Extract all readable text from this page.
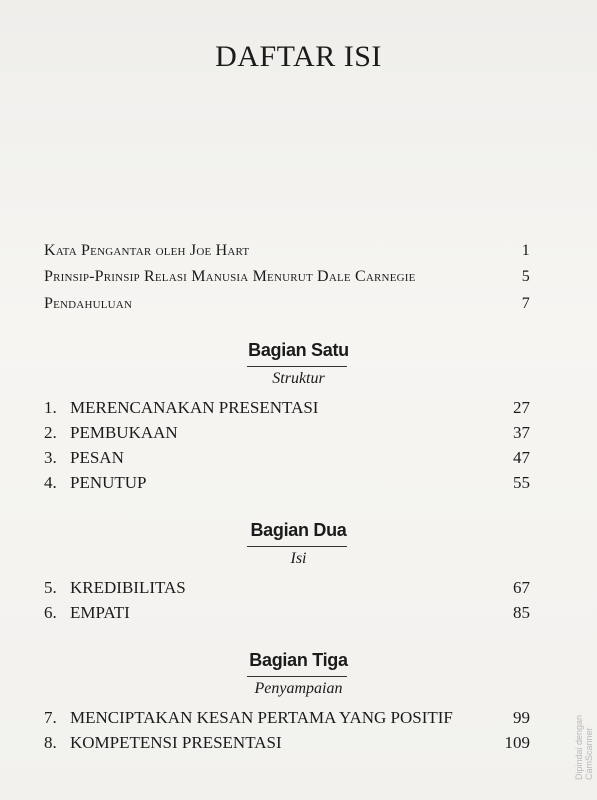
DAFTAR ISI
Kata Pengantar oleh Joe Hart	1
Prinsip-Prinsip Relasi Manusia Menurut Dale Carnegie	5
Pendahuluan	7
Bagian Satu
Struktur
1. MERENCANAKAN PRESENTASI	27
2. PEMBUKAAN	37
3. PESAN	47
4. PENUTUP	55
Bagian Dua
Isi
5. KREDIBILITAS	67
6. EMPATI	85
Bagian Tiga
Penyampaian
7. MENCIPTAKAN KESAN PERTAMA YANG POSITIF	99
8. KOMPETENSI PRESENTASI	109	Dipindai dengan CamScanner
